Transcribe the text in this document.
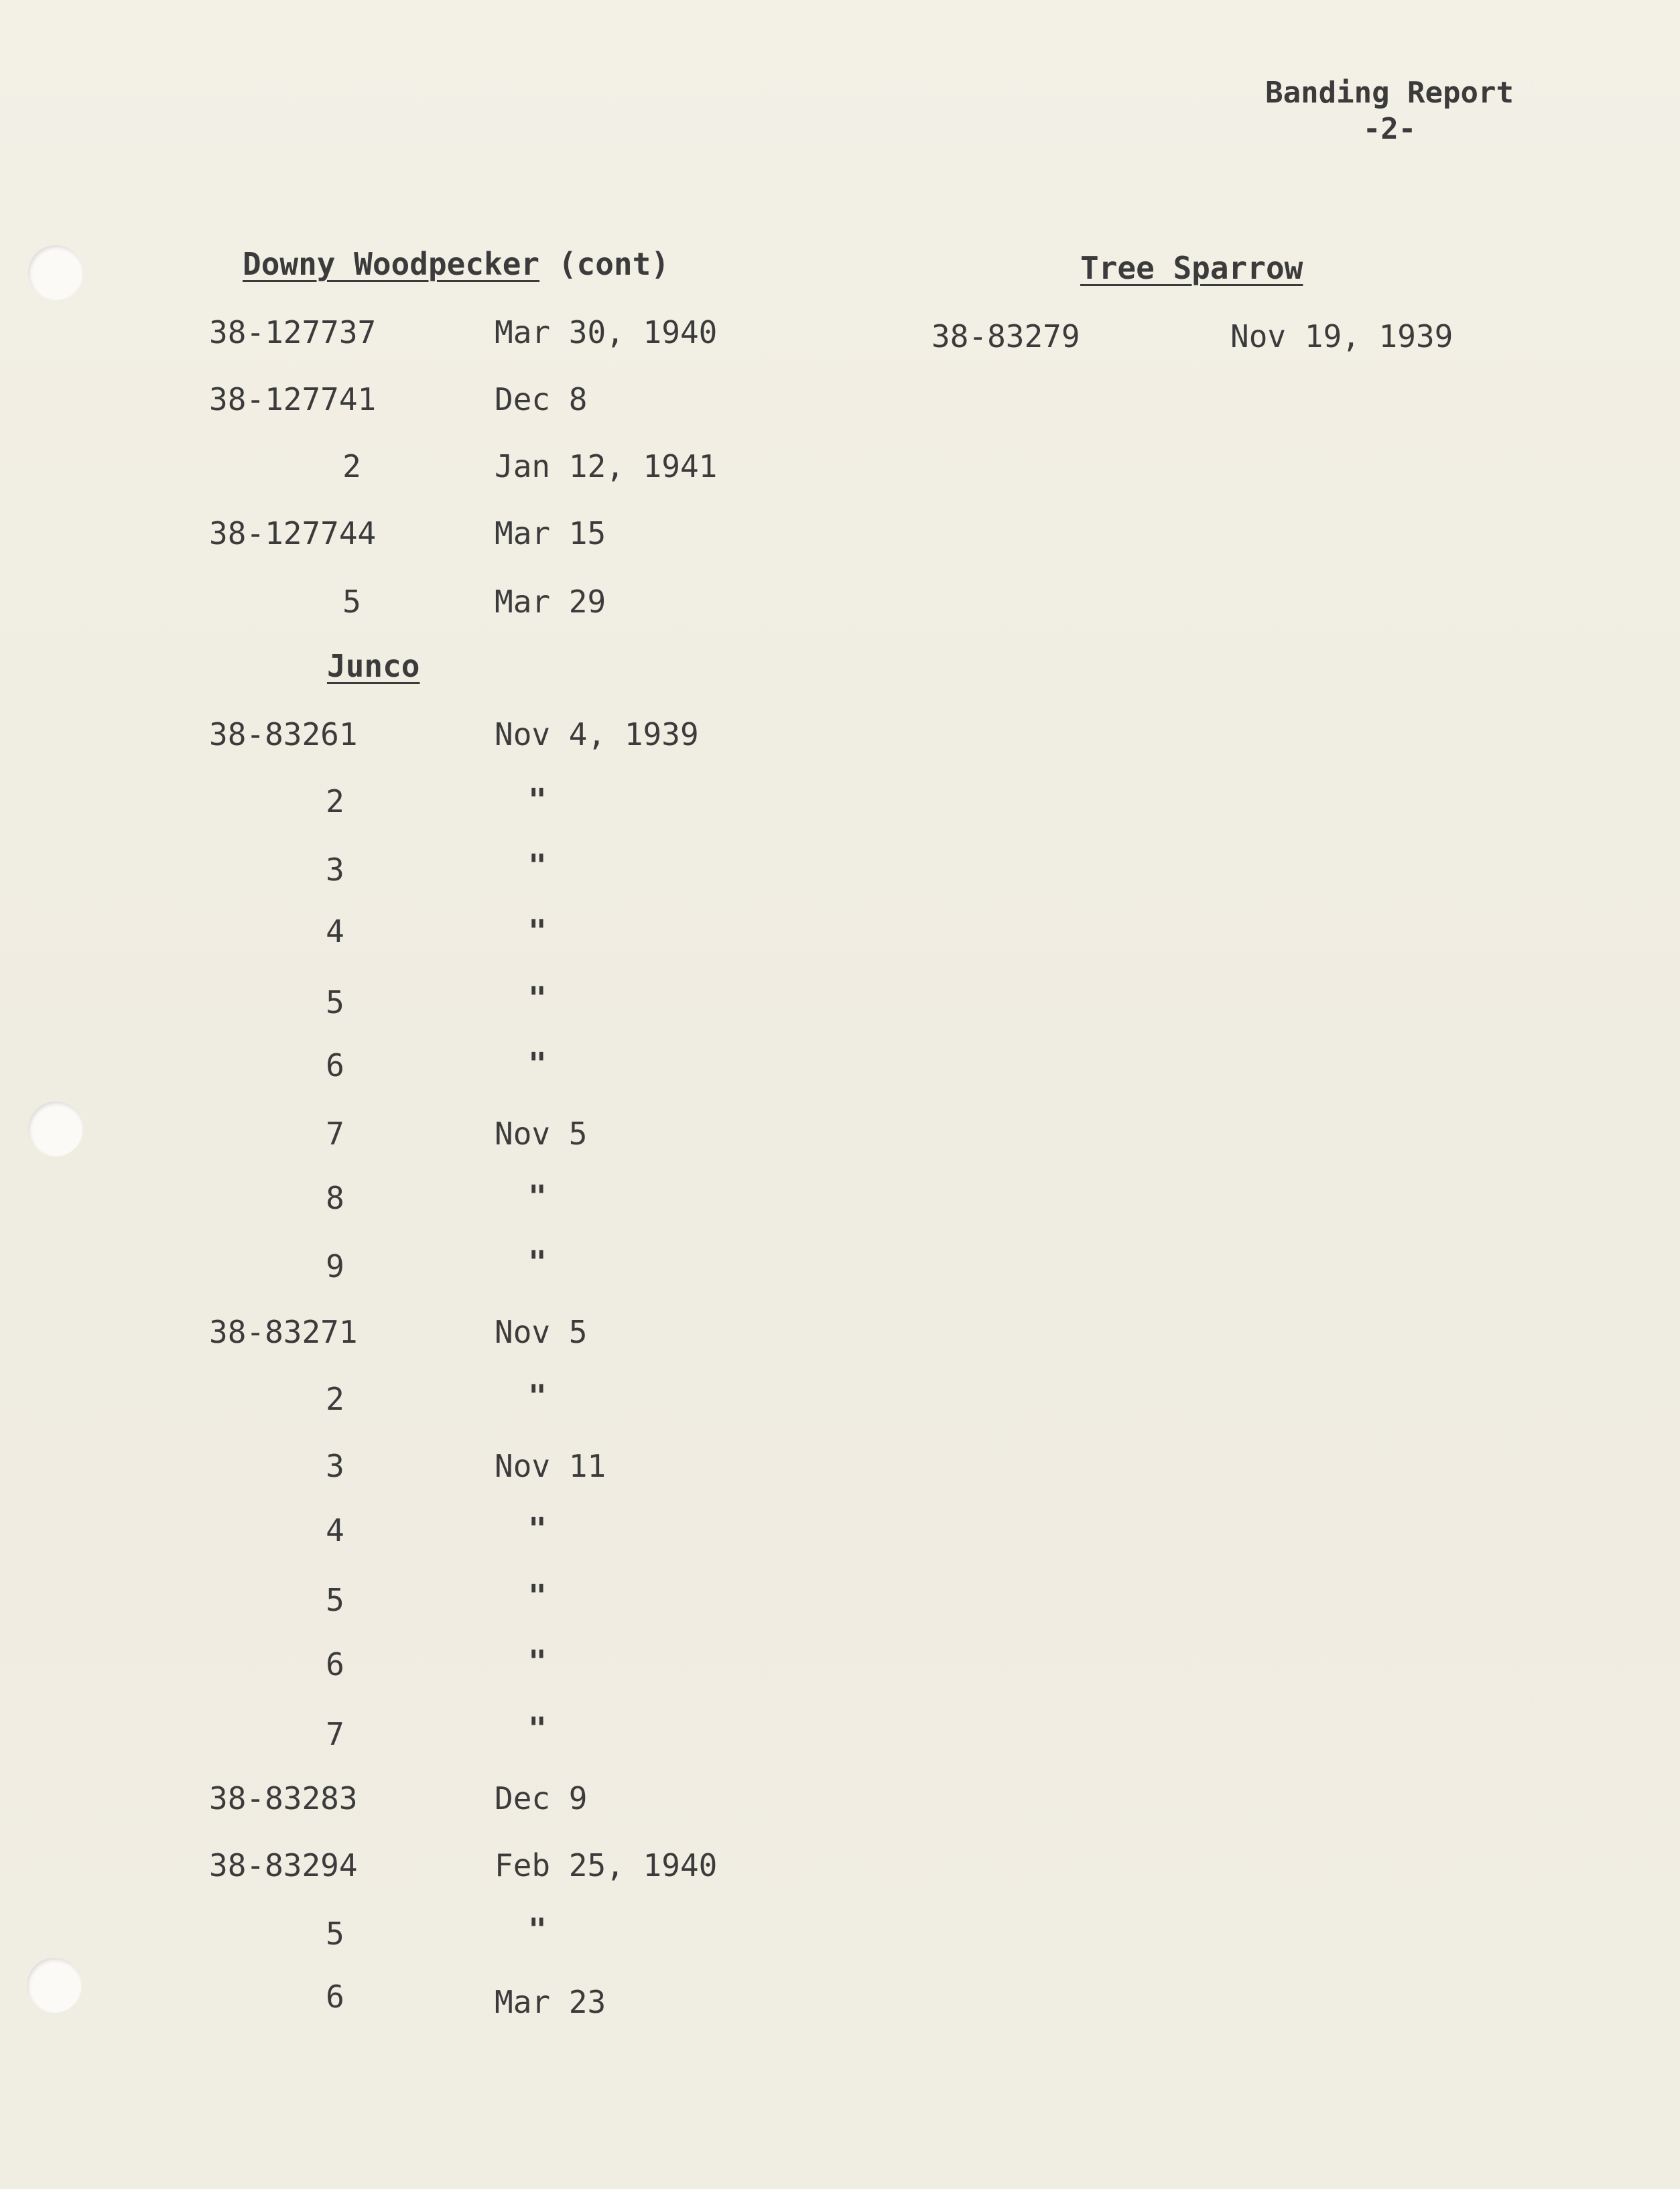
Banding Report
-2-
Downy Woodpecker (cont)
38-127737	Mar 30, 1940
38-127741	Dec 8
2	Jan 12, 1941
38-127744	Mar 15
5	Mar 29
Junco
38-83261	Nov 4, 1939
2	"
3	"
4	"
5	"
6	"
7	Nov 5
8	"
9	"
38-83271	Nov 5
2	"
3	Nov 11
4	"
5	"
6	"
7	"
38-83283	Dec 9
38-83294	Feb 25, 1940
5	"
6	Mar 23
Tree Sparrow
38-83279	Nov 19, 1939
